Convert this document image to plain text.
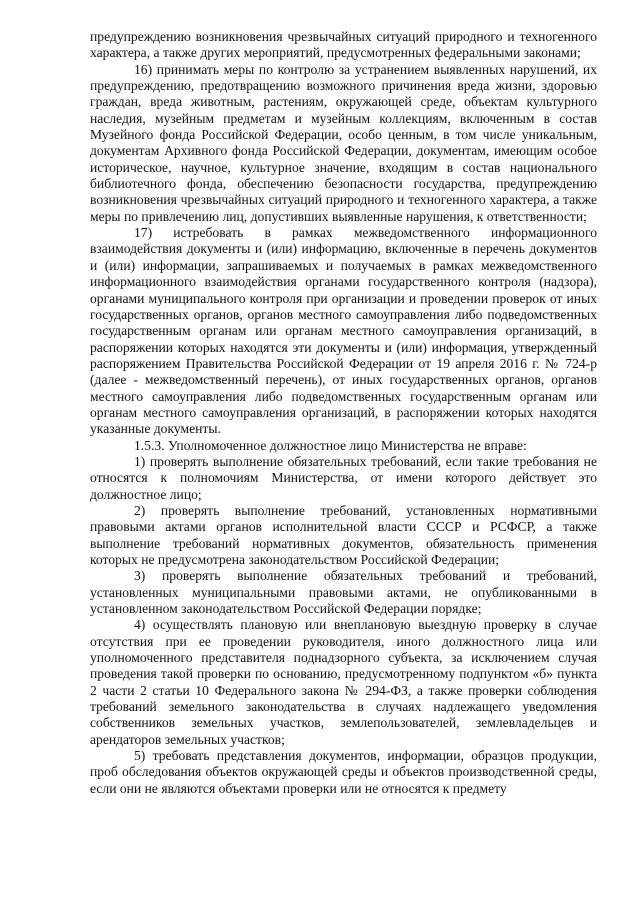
предупреждению возникновения чрезвычайных ситуаций природного и техногенного характера, а также других мероприятий, предусмотренных федеральными законами;

16) принимать меры по контролю за устранением выявленных нарушений, их предупреждению, предотвращению возможного причинения вреда жизни, здоровью граждан, вреда животным, растениям, окружающей среде, объектам культурного наследия, музейным предметам и музейным коллекциям, включенным в состав Музейного фонда Российской Федерации, особо ценным, в том числе уникальным, документам Архивного фонда Российской Федерации, документам, имеющим особое историческое, научное, культурное значение, входящим в состав национального библиотечного фонда, обеспечению безопасности государства, предупреждению возникновения чрезвычайных ситуаций природного и техногенного характера, а также меры по привлечению лиц, допустивших выявленные нарушения, к ответственности;

17) истребовать в рамках межведомственного информационного взаимодействия документы и (или) информацию, включенные в перечень документов и (или) информации, запрашиваемых и получаемых в рамках межведомственного информационного взаимодействия органами государственного контроля (надзора), органами муниципального контроля при организации и проведении проверок от иных государственных органов, органов местного самоуправления либо подведомственных государственным органам или органам местного самоуправления организаций, в распоряжении которых находятся эти документы и (или) информация, утвержденный распоряжением Правительства Российской Федерации от 19 апреля 2016 г. № 724-р (далее - межведомственный перечень), от иных государственных органов, органов местного самоуправления либо подведомственных государственным органам или органам местного самоуправления организаций, в распоряжении которых находятся указанные документы.

1.5.3. Уполномоченное должностное лицо Министерства не вправе:

1) проверять выполнение обязательных требований, если такие требования не относятся к полномочиям Министерства, от имени которого действует это должностное лицо;

2) проверять выполнение требований, установленных нормативными правовыми актами органов исполнительной власти СССР и РСФСР, а также выполнение требований нормативных документов, обязательность применения которых не предусмотрена законодательством Российской Федерации;

3) проверять выполнение обязательных требований и требований, установленных муниципальными правовыми актами, не опубликованными в установленном законодательством Российской Федерации порядке;

4) осуществлять плановую или внеплановую выездную проверку в случае отсутствия при ее проведении руководителя, иного должностного лица или уполномоченного представителя поднадзорного субъекта, за исключением случая проведения такой проверки по основанию, предусмотренному подпунктом «б» пункта 2 части 2 статьи 10 Федерального закона № 294-ФЗ, а также проверки соблюдения требований земельного законодательства в случаях надлежащего уведомления собственников земельных участков, землепользователей, землевладельцев и арендаторов земельных участков;

5) требовать представления документов, информации, образцов продукции, проб обследования объектов окружающей среды и объектов производственной среды, если они не являются объектами проверки или не относятся к предмету
